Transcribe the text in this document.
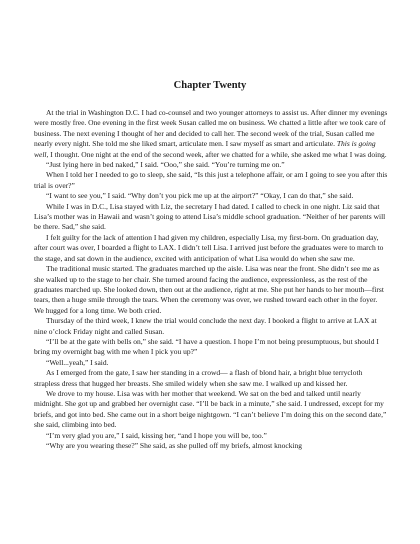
Chapter Twenty

At the trial in Washington D.C. I had co-counsel and two younger attorneys to assist us. After dinner my evenings were mostly free. One evening in the first week Susan called me on business. We chatted a little after we took care of business. The next evening I thought of her and decided to call her. The second week of the trial, Susan called me nearly every night. She told me she liked smart, articulate men. I saw myself as smart and articulate. This is going well, I thought. One night at the end of the second week, after we chatted for a while, she asked me what I was doing.

“Just lying here in bed naked,” I said. “Ooo,” she said. “You’re turning me on.”

When I told her I needed to go to sleep, she said, “Is this just a telephone affair, or am I going to see you after this trial is over?”

“I want to see you,” I said. “Why don’t you pick me up at the airport?” “Okay, I can do that,” she said.

While I was in D.C., Lisa stayed with Liz, the secretary I had dated. I called to check in one night. Liz said that Lisa’s mother was in Hawaii and wasn’t going to attend Lisa’s middle school graduation. “Neither of her parents will be there. Sad,” she said.

I felt guilty for the lack of attention I had given my children, especially Lisa, my first-born. On graduation day, after court was over, I boarded a flight to LAX. I didn’t tell Lisa. I arrived just before the graduates were to march to the stage, and sat down in the audience, excited with anticipation of what Lisa would do when she saw me.

The traditional music started. The graduates marched up the aisle. Lisa was near the front. She didn’t see me as she walked up to the stage to her chair. She turned around facing the audience, expressionless, as the rest of the graduates marched up. She looked down, then out at the audience, right at me. She put her hands to her mouth—first tears, then a huge smile through the tears. When the ceremony was over, we rushed toward each other in the foyer. We hugged for a long time. We both cried.

Thursday of the third week, I knew the trial would conclude the next day. I booked a flight to arrive at LAX at nine o’clock Friday night and called Susan.

“I’ll be at the gate with bells on,” she said. “I have a question. I hope I’m not being presumptuous, but should I bring my overnight bag with me when I pick you up?”

“Well...yeah,” I said.

As I emerged from the gate, I saw her standing in a crowd— a flash of blond hair, a bright blue terrycloth strapless dress that hugged her breasts. She smiled widely when she saw me. I walked up and kissed her.

We drove to my house. Lisa was with her mother that weekend. We sat on the bed and talked until nearly midnight. She got up and grabbed her overnight case. “I’ll be back in a minute,” she said. I undressed, except for my briefs, and got into bed. She came out in a short beige nightgown. “I can’t believe I’m doing this on the second date,” she said, climbing into bed.

“I’m very glad you are,” I said, kissing her, “and I hope you will be, too.”

“Why are you wearing these?” She said, as she pulled off my briefs, almost knocking
